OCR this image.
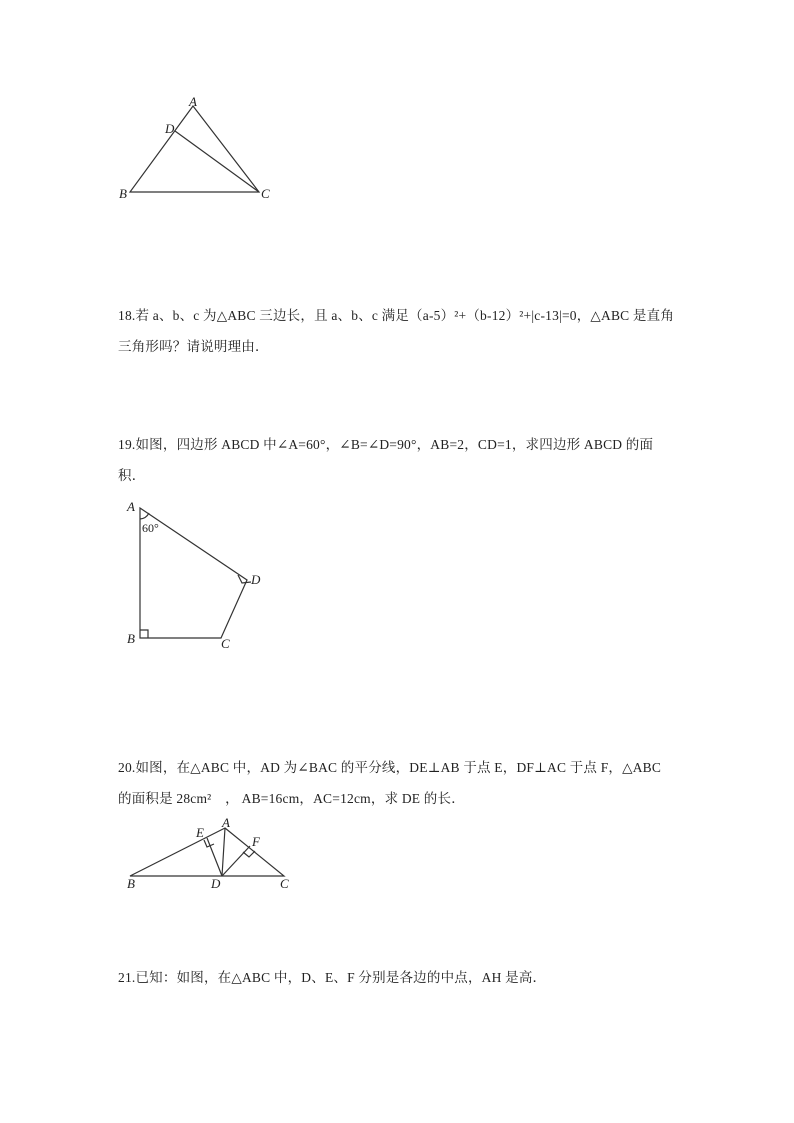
A
D
B	C
18.若 a、b、c 为△ABC 三边长，且 a、b、c 满足（a-5）²+（b-12）²+|c-13|=0，△ABC 是直角
三角形吗？请说明理由．
19.如图，四边形 ABCD 中∠A=60°，∠B=∠D=90°，AB=2，CD=1，求四边形 ABCD 的面
积．
A
60°
D
B	C
20.如图，在△ABC 中，AD 为∠BAC 的平分线，DE⊥AB 于点 E，DF⊥AC 于点 F，△ABC
的面积是 28cm²　， AB=16cm，AC=12cm，求 DE 的长．
E
A
F
B	D	C
21.已知：如图，在△ABC 中，D、E、F 分别是各边的中点，AH 是高．
